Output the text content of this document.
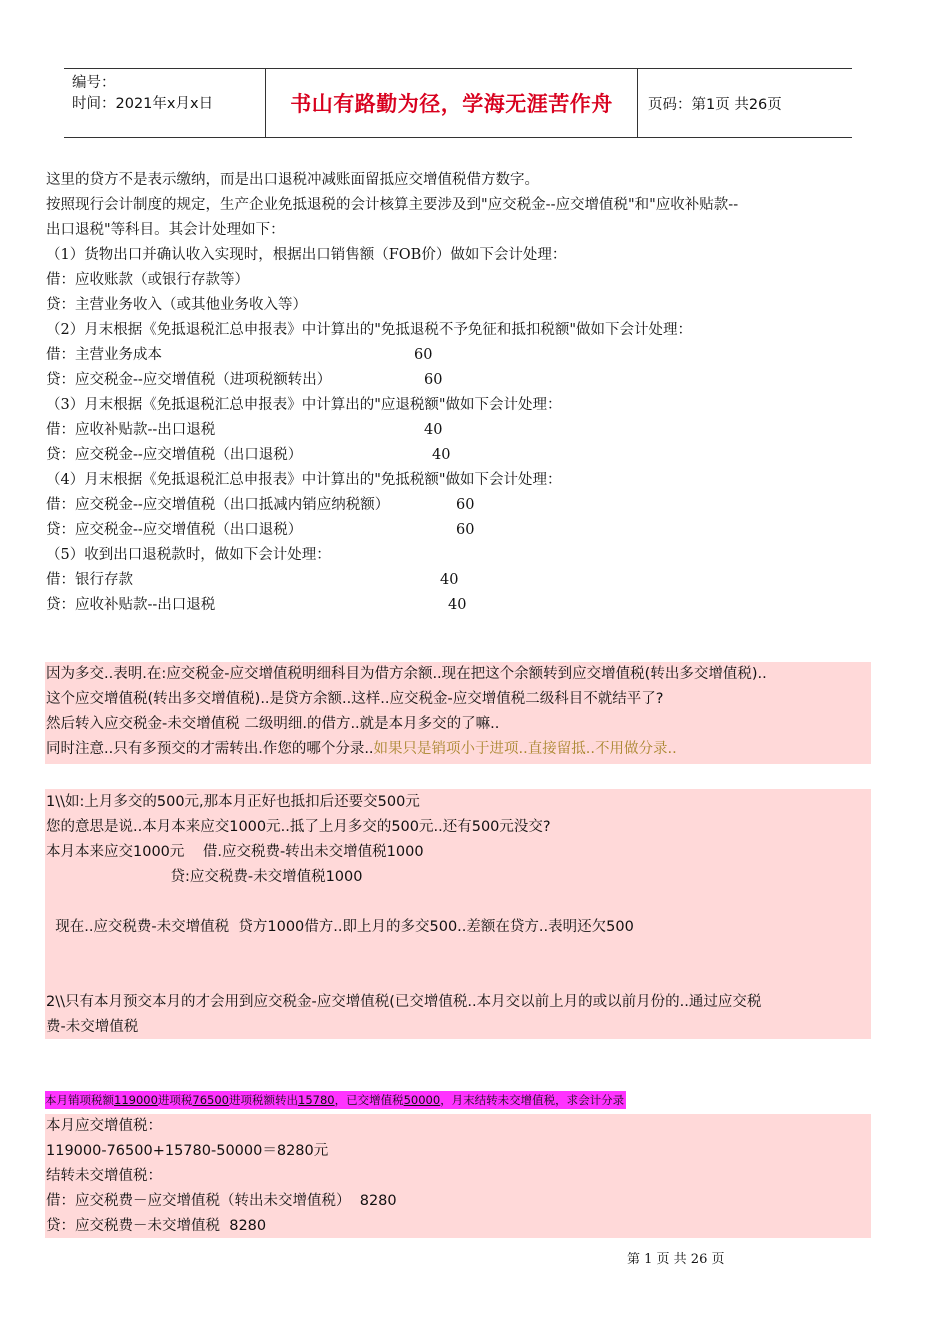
编号：
时间：2021年x月x日	书山有路勤为径，学海无涯苦作舟 页码：第1页 共26页
这里的贷方不是表示缴纳，而是出口退税冲减账面留抵应交增值税借方数字。
按照现行会计制度的规定，生产企业免抵退税的会计核算主要涉及到"应交税金--应交增值税"和"应收补贴款--
出口退税"等科目。其会计处理如下：
（1）货物出口并确认收入实现时，根据出口销售额（FOB价）做如下会计处理：
借：应收账款（或银行存款等）
贷：主营业务收入（或其他业务收入等）
（2）月末根据《免抵退税汇总申报表》中计算出的"免抵退税不予免征和抵扣税额"做如下会计处理：
借：主营业务成本	60
贷：应交税金--应交增值税（进项税额转出）	60
（3）月末根据《免抵退税汇总申报表》中计算出的"应退税额"做如下会计处理：
借：应收补贴款--出口退税	40
贷：应交税金--应交增值税（出口退税）	40
（4）月末根据《免抵退税汇总申报表》中计算出的"免抵税额"做如下会计处理：
借：应交税金--应交增值税（出口抵减内销应纳税额）	60
贷：应交税金--应交增值税（出口退税）	60
（5）收到出口退税款时，做如下会计处理：
借：银行存款	40
贷：应收补贴款--出口退税	40
因为多交..表明.在:应交税金-应交增值税明细科目为借方余额..现在把这个余额转到应交增值税(转出多交增值税)..
这个应交增值税(转出多交增值税)..是贷方余额..这样..应交税金-应交增值税二级科目不就结平了?
然后转入应交税金-未交增值税 二级明细.的借方..就是本月多交的了嘛..
同时注意..只有多预交的才需转出.作您的哪个分录..如果只是销项小于进项..直接留抵..不用做分录..
1\\如:上月多交的500元,那本月正好也抵扣后还要交500元
您的意思是说..本月本来应交1000元..抵了上月多交的500元..还有500元没交?
本月本来应交1000元    借.应交税费-转出未交增值税1000
贷:应交税费-未交增值税1000
现在..应交税费-未交增值税  贷方1000借方..即上月的多交500..差额在贷方..表明还欠500
2\\只有本月预交本月的才会用到应交税金-应交增值税(已交增值税..本月交以前上月的或以前月份的..通过应交税
费-未交增值税
本月销项税额119000进项税76500进项税额转出15780，已交增值税50000，月末结转未交增值税，求会计分录
本月应交增值税：
119000-76500+15780-50000＝8280元
结转未交增值税：
借：应交税费－应交增值税（转出未交增值税）  8280
贷：应交税费－未交增值税  8280
第 1 页 共 26 页
